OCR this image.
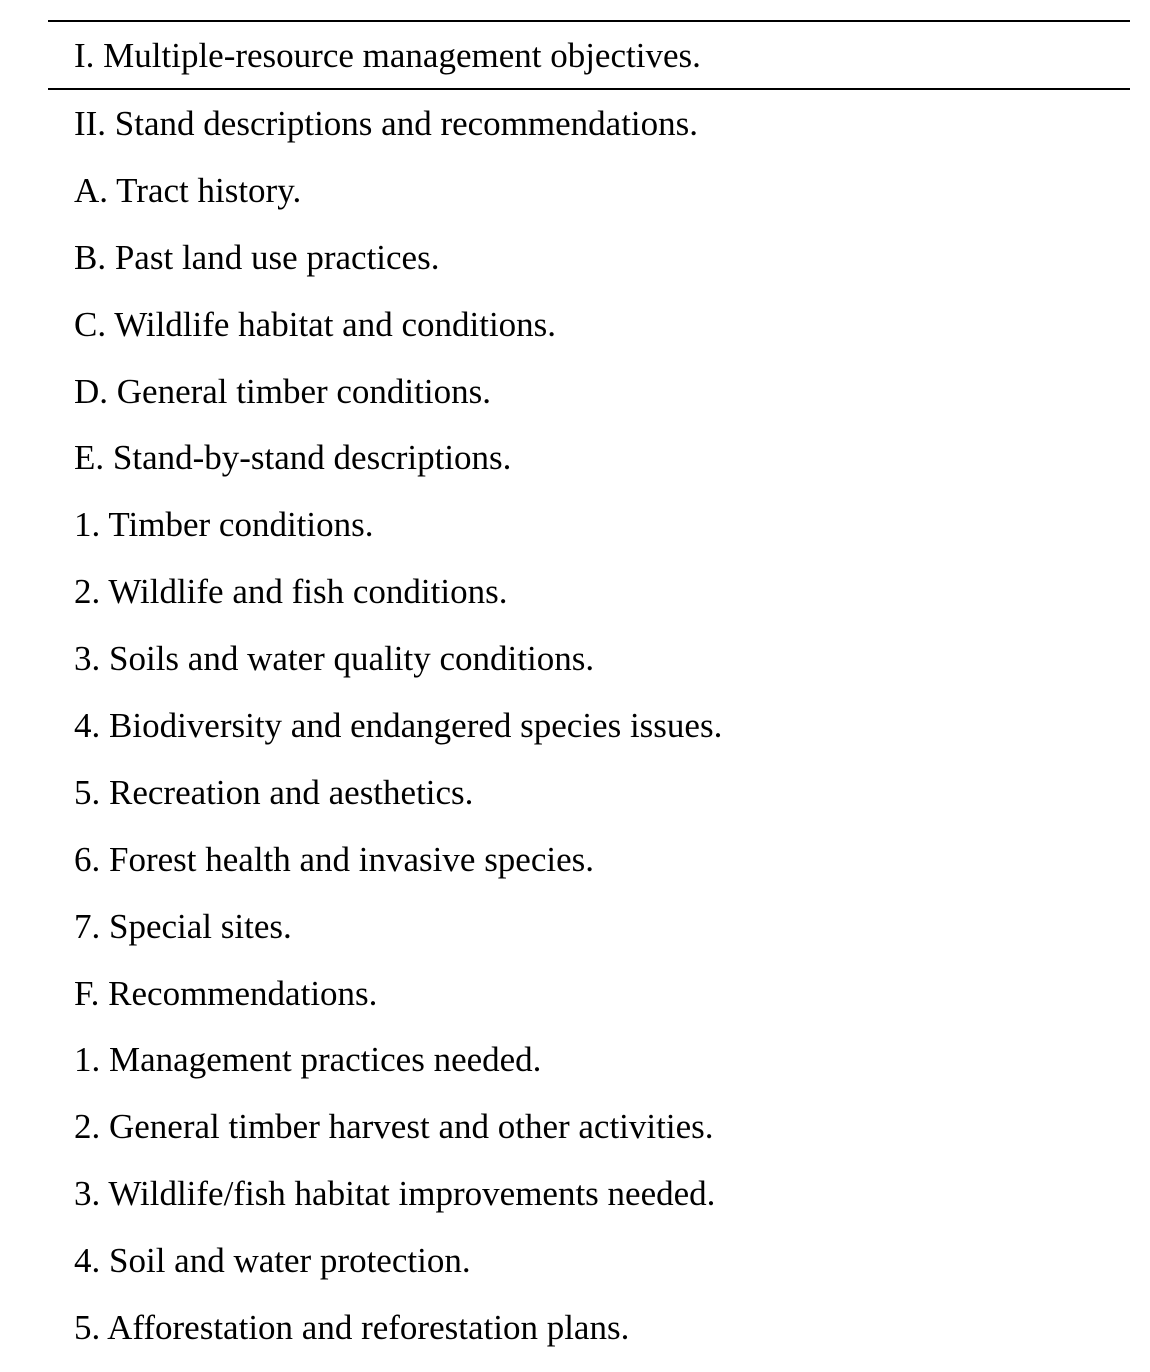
I. Multiple-resource management objectives.
II. Stand descriptions and recommendations.
A. Tract history.
B. Past land use practices.
C. Wildlife habitat and conditions.
D. General timber conditions.
E. Stand-by-stand descriptions.
1. Timber conditions.
2. Wildlife and fish conditions.
3. Soils and water quality conditions.
4. Biodiversity and endangered species issues.
5. Recreation and aesthetics.
6. Forest health and invasive species.
7. Special sites.
F. Recommendations.
1. Management practices needed.
2. General timber harvest and other activities.
3. Wildlife/fish habitat improvements needed.
4. Soil and water protection.
5. Afforestation and reforestation plans.
